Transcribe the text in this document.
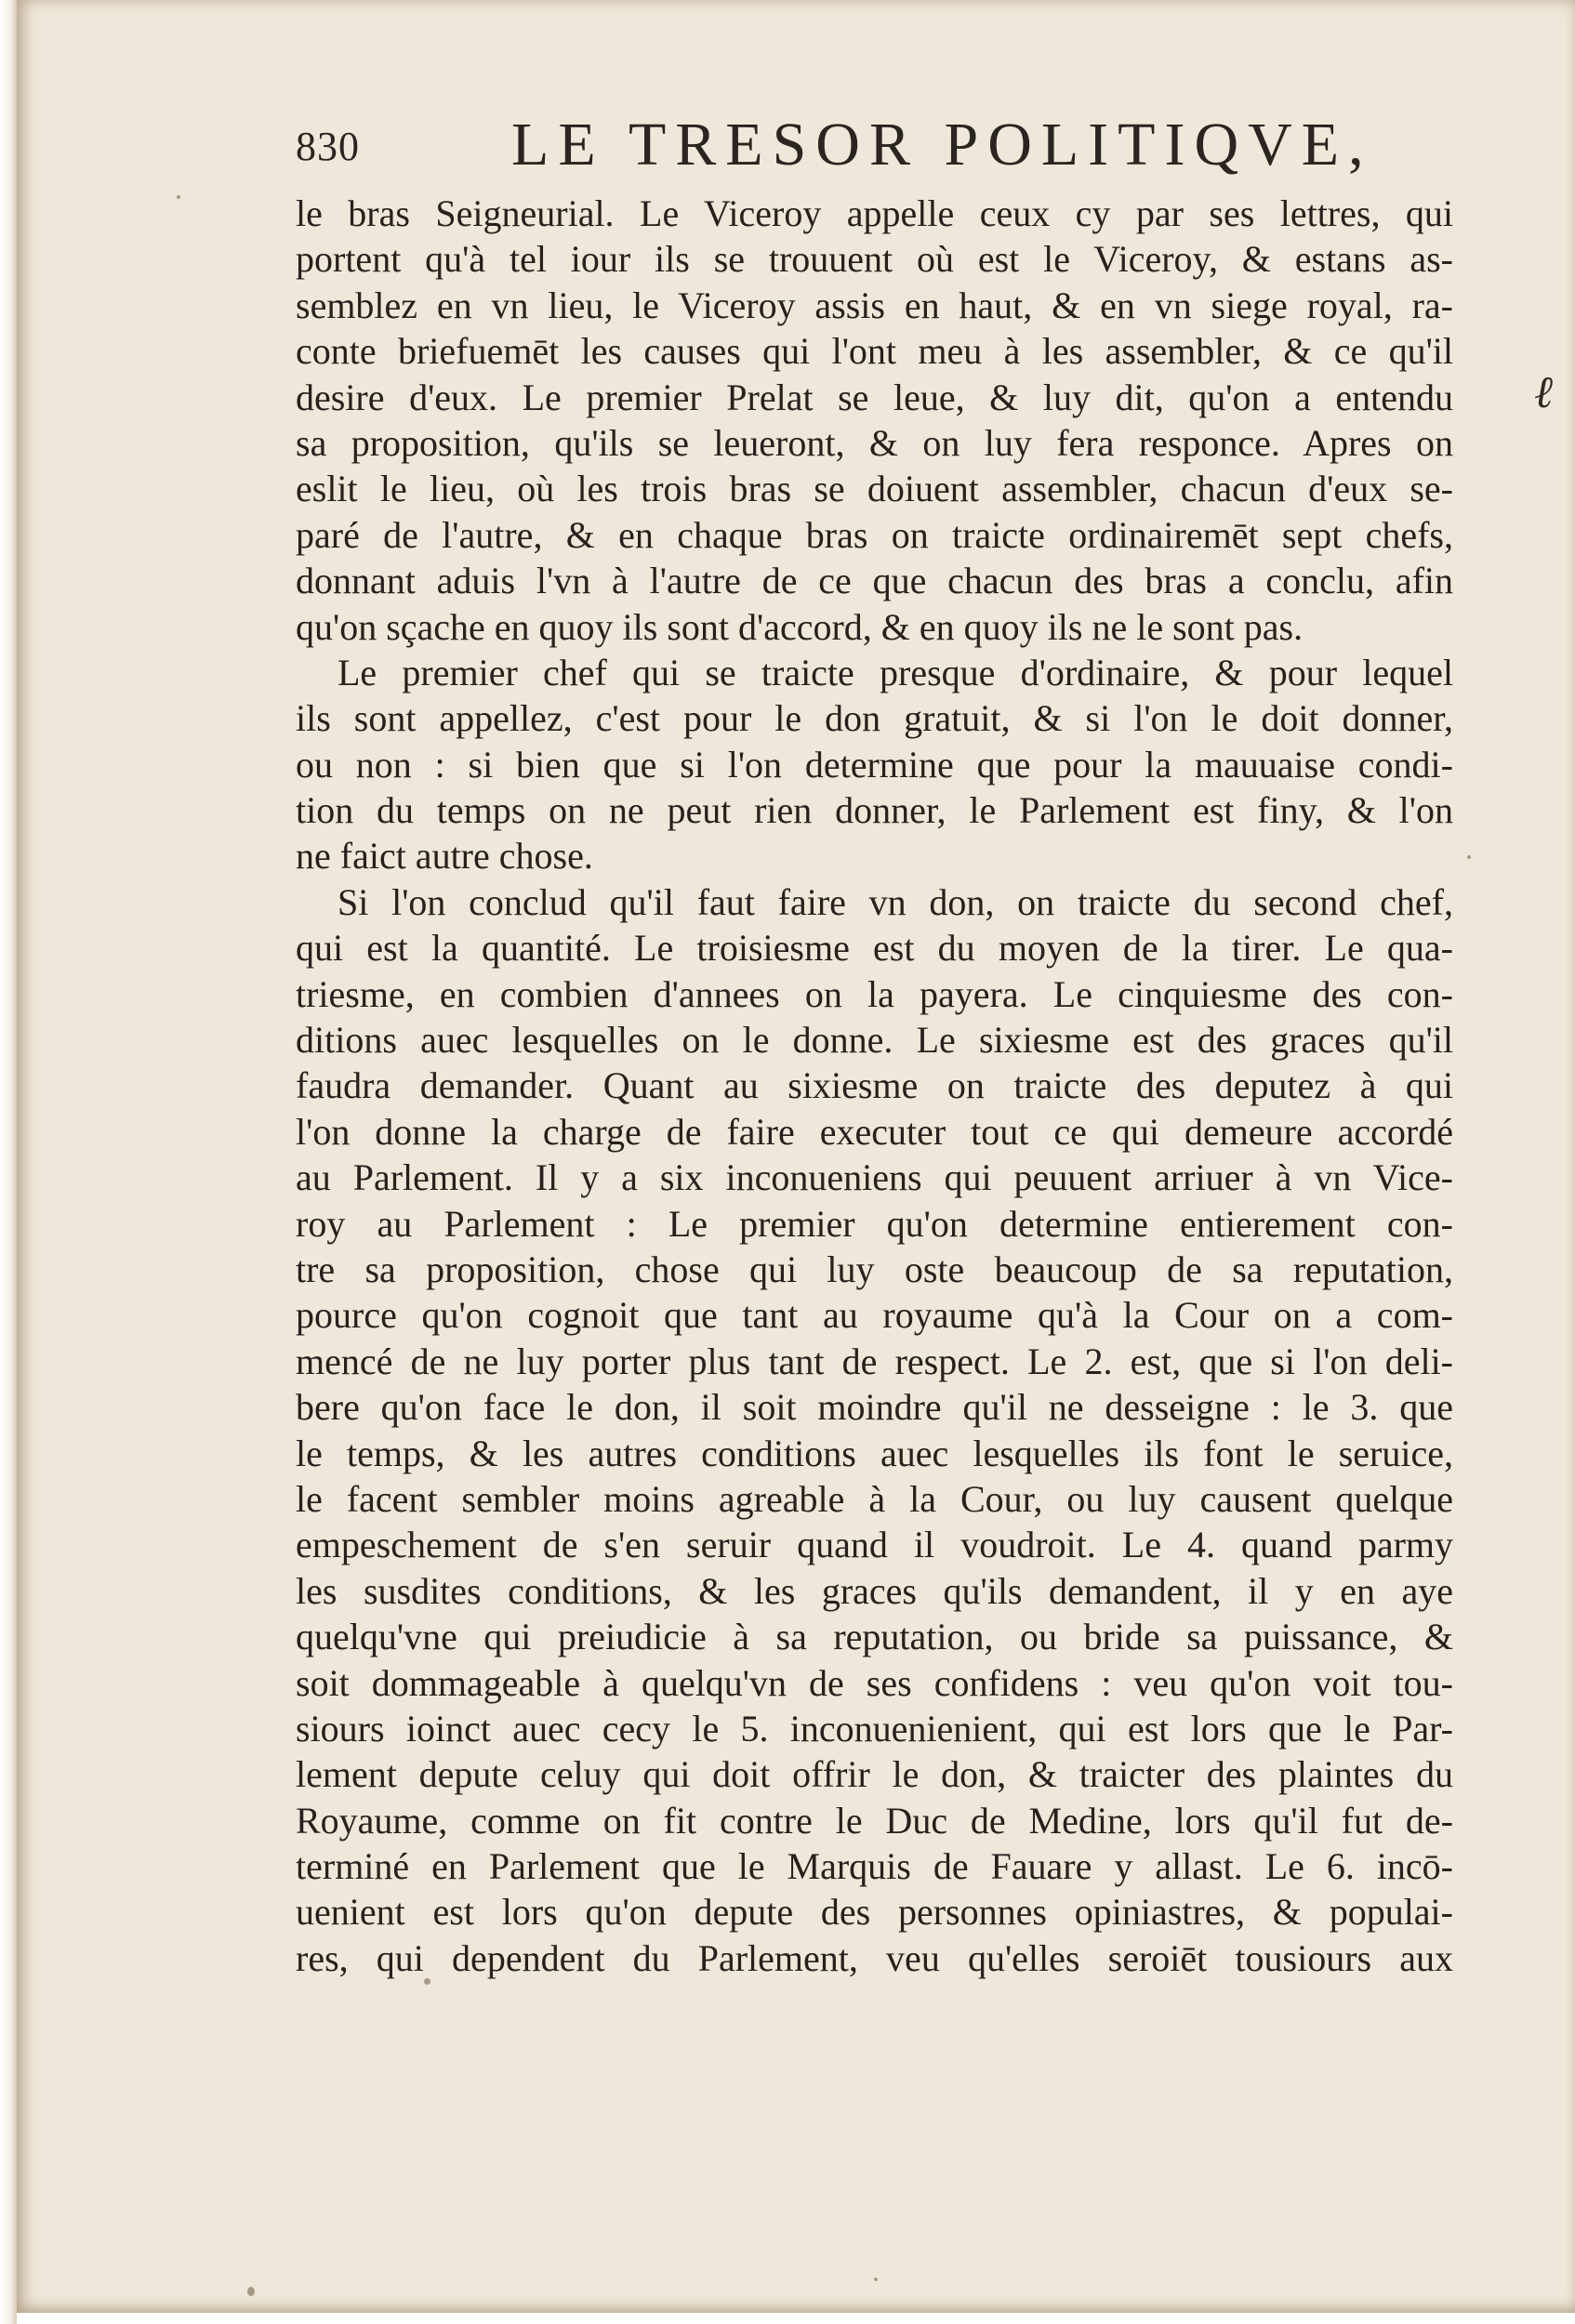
830 LE TRESOR POLITIQVE,
ℓ
le bras Seigneurial. Le Viceroy appelle ceux cy par ses lettres, qui
portent qu'à tel iour ils se trouuent où est le Viceroy, & estans as-
semblez en vn lieu, le Viceroy assis en haut, & en vn siege royal, ra-
conte briefuemēt les causes qui l'ont meu à les assembler, & ce qu'il
desire d'eux. Le premier Prelat se leue, & luy dit, qu'on a entendu
sa proposition, qu'ils se leueront, & on luy fera responce. Apres on
eslit le lieu, où les trois bras se doiuent assembler, chacun d'eux se-
paré de l'autre, & en chaque bras on traicte ordinairemēt sept chefs,
donnant aduis l'vn à l'autre de ce que chacun des bras a conclu, afin
qu'on sçache en quoy ils sont d'accord, & en quoy ils ne le sont pas.
Le premier chef qui se traicte presque d'ordinaire, & pour lequel
ils sont appellez, c'est pour le don gratuit, & si l'on le doit donner,
ou non : si bien que si l'on determine que pour la mauuaise condi-
tion du temps on ne peut rien donner, le Parlement est finy, & l'on
ne faict autre chose.
Si l'on conclud qu'il faut faire vn don, on traicte du second chef,
qui est la quantité. Le troisiesme est du moyen de la tirer. Le qua-
triesme, en combien d'annees on la payera. Le cinquiesme des con-
ditions auec lesquelles on le donne. Le sixiesme est des graces qu'il
faudra demander. Quant au sixiesme on traicte des deputez à qui
l'on donne la charge de faire executer tout ce qui demeure accordé
au Parlement. Il y a six inconueniens qui peuuent arriuer à vn Vice-
roy au Parlement : Le premier qu'on determine entierement con-
tre sa proposition, chose qui luy oste beaucoup de sa reputation,
pource qu'on cognoit que tant au royaume qu'à la Cour on a com-
mencé de ne luy porter plus tant de respect. Le 2. est, que si l'on deli-
bere qu'on face le don, il soit moindre qu'il ne desseigne : le 3. que
le temps, & les autres conditions auec lesquelles ils font le seruice,
le facent sembler moins agreable à la Cour, ou luy causent quelque
empeschement de s'en seruir quand il voudroit. Le 4. quand parmy
les susdites conditions, & les graces qu'ils demandent, il y en aye
quelqu'vne qui preiudicie à sa reputation, ou bride sa puissance, &
soit dommageable à quelqu'vn de ses confidens : veu qu'on voit tou-
siours ioinct auec cecy le 5. inconuenienient, qui est lors que le Par-
lement depute celuy qui doit offrir le don, & traicter des plaintes du
Royaume, comme on fit contre le Duc de Medine, lors qu'il fut de-
terminé en Parlement que le Marquis de Fauare y allast. Le 6. incō-
uenient est lors qu'on depute des personnes opiniastres, & populai-
res, qui dependent du Parlement, veu qu'elles seroiēt tousiours aux
